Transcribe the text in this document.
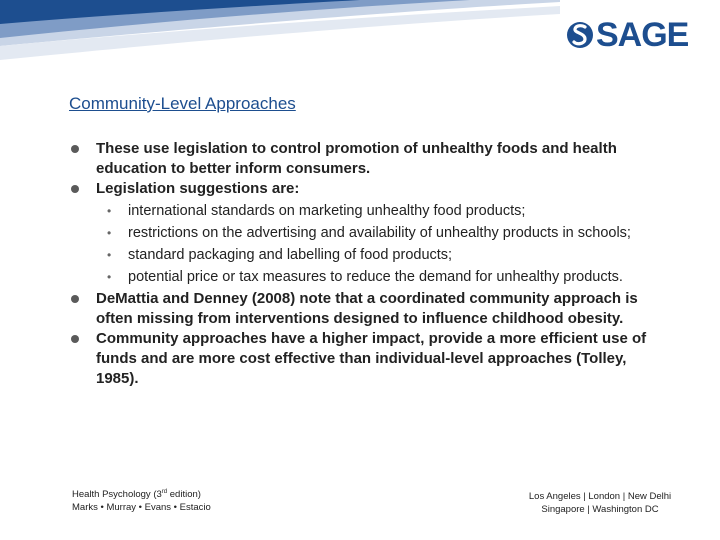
SAGE
Community-Level Approaches
These use legislation to control promotion of unhealthy foods and health education to better inform consumers.
Legislation suggestions are:
• international standards on marketing unhealthy food products;
• restrictions on the advertising and availability of unhealthy products in schools;
• standard packaging and labelling of food products;
• potential price or tax measures to reduce the demand for unhealthy products.
DeMattia and Denney (2008) note that a coordinated community approach is often missing from interventions designed to influence childhood obesity.
Community approaches have a higher impact, provide a more efficient use of funds and are more cost effective than individual-level approaches (Tolley, 1985).
Health Psychology (3rd edition)
Marks • Murray • Evans • Estacio
Los Angeles | London | New Delhi
Singapore | Washington DC
